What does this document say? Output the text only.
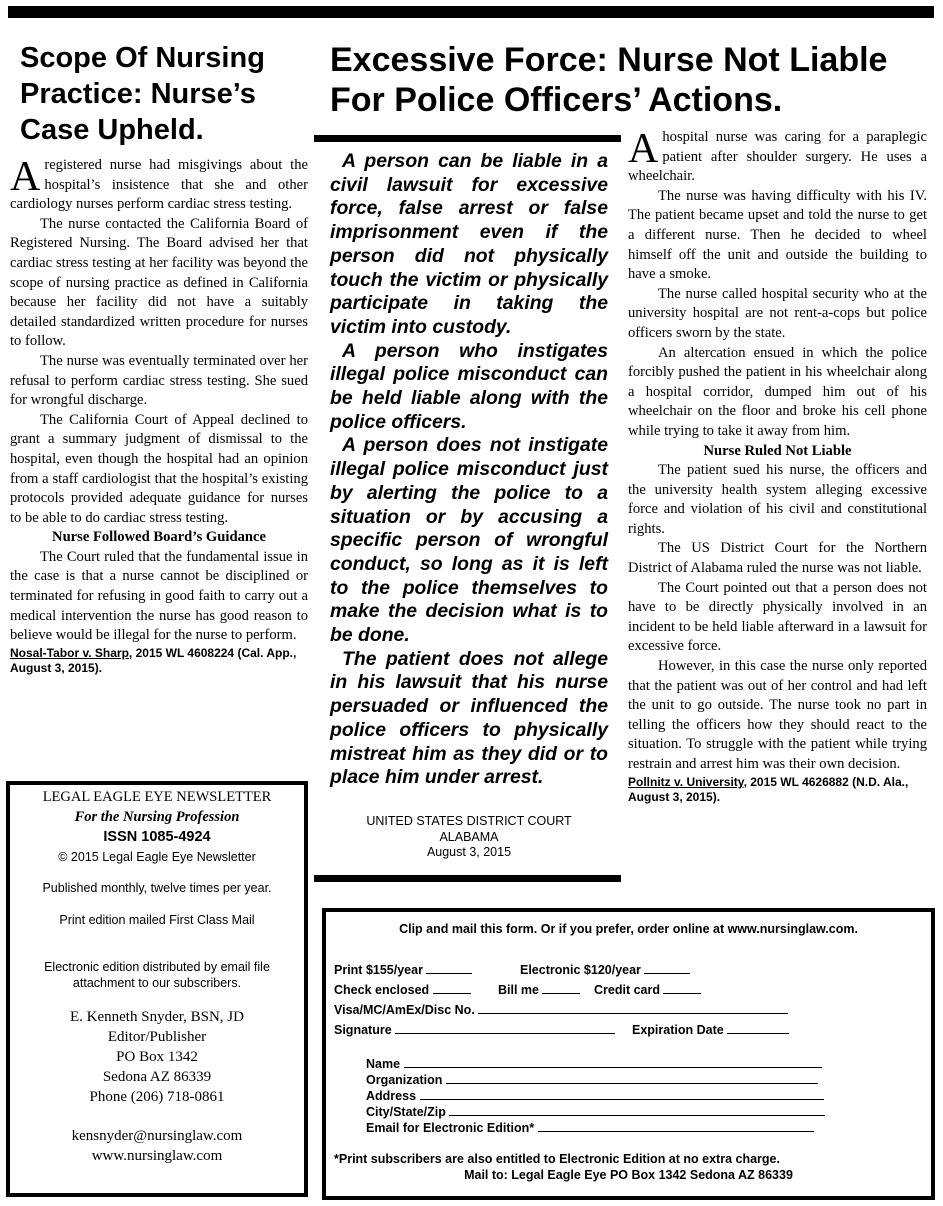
Scope Of Nursing Practice: Nurse’s Case Upheld.

Aregistered nurse had misgivings about the hospital’s insistence that she and other cardiology nurses perform cardiac stress testing.

The nurse contacted the California Board of Registered Nursing. The Board advised her that cardiac stress testing at her facility was beyond the scope of nursing practice as defined in California because her facility did not have a suitably detailed standardized written procedure for nurses to follow.

The nurse was eventually terminated over her refusal to perform cardiac stress testing. She sued for wrongful discharge.

The California Court of Appeal declined to grant a summary judgment of dismissal to the hospital, even though the hospital had an opinion from a staff cardiologist that the hospital’s existing protocols provided adequate guidance for nurses to be able to do cardiac stress testing.

Nurse Followed Board’s Guidance

The Court ruled that the fundamental issue in the case is that a nurse cannot be disciplined or terminated for refusing in good faith to carry out a medical intervention the nurse has good reason to believe would be illegal for the nurse to perform.

Nosal-Tabor v. Sharp, 2015 WL 4608224 (Cal. App., August 3, 2015).

Excessive Force: Nurse Not Liable For Police Officers’ Actions.

A person can be liable in a civil lawsuit for excessive force, false arrest or false imprisonment even if the person did not physically touch the victim or physically participate in taking the victim into custody.

A person who instigates illegal police misconduct can be held liable along with the police officers.

A person does not instigate illegal police misconduct just by alerting the police to a situation or by accusing a specific person of wrongful conduct, so long as it is left to the police themselves to make the decision what is to be done.

The patient does not allege in his lawsuit that his nurse persuaded or influenced the police officers to physically mistreat him as they did or to place him under arrest.

UNITED STATES DISTRICT COURT
ALABAMA
August 3, 2015

Ahospital nurse was caring for a paraplegic patient after shoulder surgery. He uses a wheelchair.

The nurse was having difficulty with his IV. The patient became upset and told the nurse to get a different nurse. Then he decided to wheel himself off the unit and outside the building to have a smoke.

The nurse called hospital security who at the university hospital are not rent-a-cops but police officers sworn by the state.

An altercation ensued in which the police forcibly pushed the patient in his wheelchair along a hospital corridor, dumped him out of his wheelchair on the floor and broke his cell phone while trying to take it away from him.

Nurse Ruled Not Liable

The patient sued his nurse, the officers and the university health system alleging excessive force and violation of his civil and constitutional rights.

The US District Court for the Northern District of Alabama ruled the nurse was not liable.

The Court pointed out that a person does not have to be directly physically involved in an incident to be held liable afterward in a lawsuit for excessive force.

However, in this case the nurse only reported that the patient was out of her control and had left the unit to go outside. The nurse took no part in telling the officers how they should react to the situation. To struggle with the patient while trying restrain and arrest him was their own decision.

Pollnitz v. University, 2015 WL 4626882 (N.D. Ala., August 3, 2015).

LEGAL EAGLE EYE NEWSLETTER
For the Nursing Profession
ISSN 1085-4924
© 2015 Legal Eagle Eye Newsletter
Published monthly, twelve times per year.
Print edition mailed First Class Mail
Electronic edition distributed by email file
attachment to our subscribers.
E. Kenneth Snyder, BSN, JD
Editor/Publisher
PO Box 1342
Sedona AZ 86339
Phone (206) 718-0861
kensnyder@nursinglaw.com
www.nursinglaw.com
Clip and mail this form. Or if you prefer, order online at www.nursinglaw.com.
Print $155/year	Electronic $120/year
Check enclosed	Bill me	Credit card
Visa/MC/AmEx/Disc No.
Signature	Expiration Date
Name
Organization
Address
City/State/Zip
Email for Electronic Edition*
*Print subscribers are also entitled to Electronic Edition at no extra charge.
Mail to: Legal Eagle Eye PO Box 1342 Sedona AZ 86339
